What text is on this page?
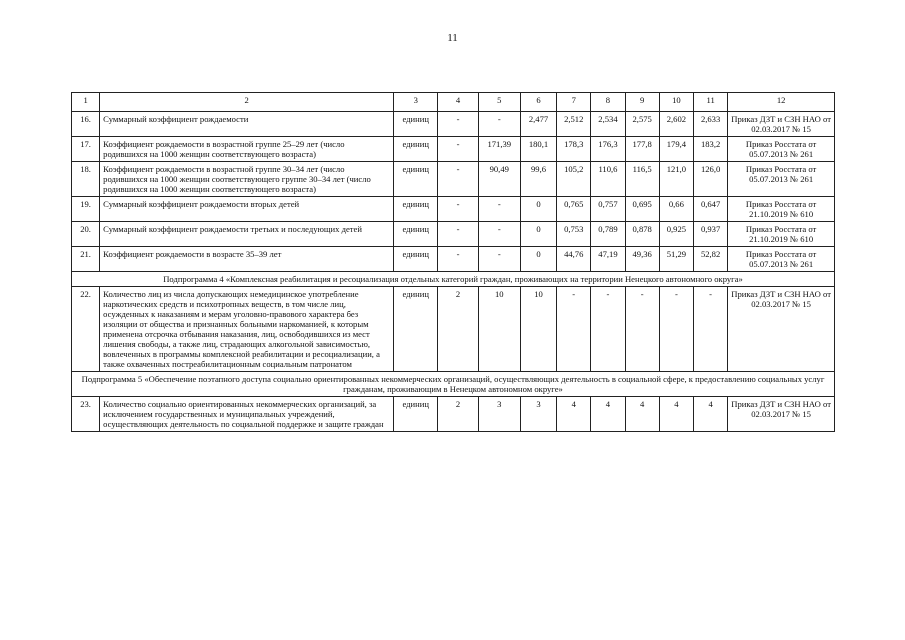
11
1	2	3	4	5	6	7	8	9	10	11	12
16.	Суммарный коэффициент рождаемости	единиц	-	-	2,477	2,512	2,534	2,575	2,602	2,633	Приказ ДЗТ и СЗН НАО от 02.03.2017 № 15
17.	Коэффициент рождаемости в возрастной группе 25–29 лет (число родившихся на 1000 женщин соответствующего возраста)	единиц	-	171,39	180,1	178,3	176,3	177,8	179,4	183,2	Приказ Росстата от 05.07.2013 № 261
18.	Коэффициент рождаемости в возрастной группе 30–34 лет (число родившихся на 1000 женщин соответствующего группе 30–34 лет (число родившихся на 1000 женщин соответствующего возраста)	единиц	-	90,49	99,6	105,2	110,6	116,5	121,0	126,0	Приказ Росстата от 05.07.2013 № 261
19.	Суммарный коэффициент рождаемости вторых детей	единиц	-	-	0	0,765	0,757	0,695	0,66	0,647	Приказ Росстата от 21.10.2019 № 610
20.	Суммарный коэффициент рождаемости третьих и последующих детей	единиц	-	-	0	0,753	0,789	0,878	0,925	0,937	Приказ Росстата от 21.10.2019 № 610
21.	Коэффициент рождаемости в возрасте 35–39 лет	единиц	-	-	0	44,76	47,19	49,36	51,29	52,82	Приказ Росстата от 05.07.2013 № 261
Подпрограмма 4 «Комплексная реабилитация и ресоциализация отдельных категорий граждан, проживающих на территории Ненецкого автономного округа»											
22.	Количество лиц из числа допускающих немедицинское употребление наркотических средств и психотропных веществ, в том числе лиц, осужденных к наказаниям и мерам уголовно-правового характера без изоляции от общества и признанных больными наркоманией, к которым применена отсрочка отбывания наказания, лиц, освободившихся из мест лишения свободы, а также лиц, страдающих алкогольной зависимостью, вовлеченных в программы комплексной реабилитации и ресоциализации, а также охваченных постреабилитационным социальным патронатом	единиц	2	10	10	-	-	-	-	-	Приказ ДЗТ и СЗН НАО от 02.03.2017 № 15
Подпрограмма 5 «Обеспечение поэтапного доступа социально ориентированных некоммерческих организаций, осуществляющих деятельность в социальной сфере, к предоставлению социальных услуг гражданам, проживающим в Ненецком автономном округе»											
23.	Количество социально ориентированных некоммерческих организаций, за исключением государственных и муниципальных учреждений, осуществляющих деятельность по социальной поддержке и защите граждан	единиц	2	3	3	4	4	4	4	4	Приказ ДЗТ и СЗН НАО от 02.03.2017 № 15
